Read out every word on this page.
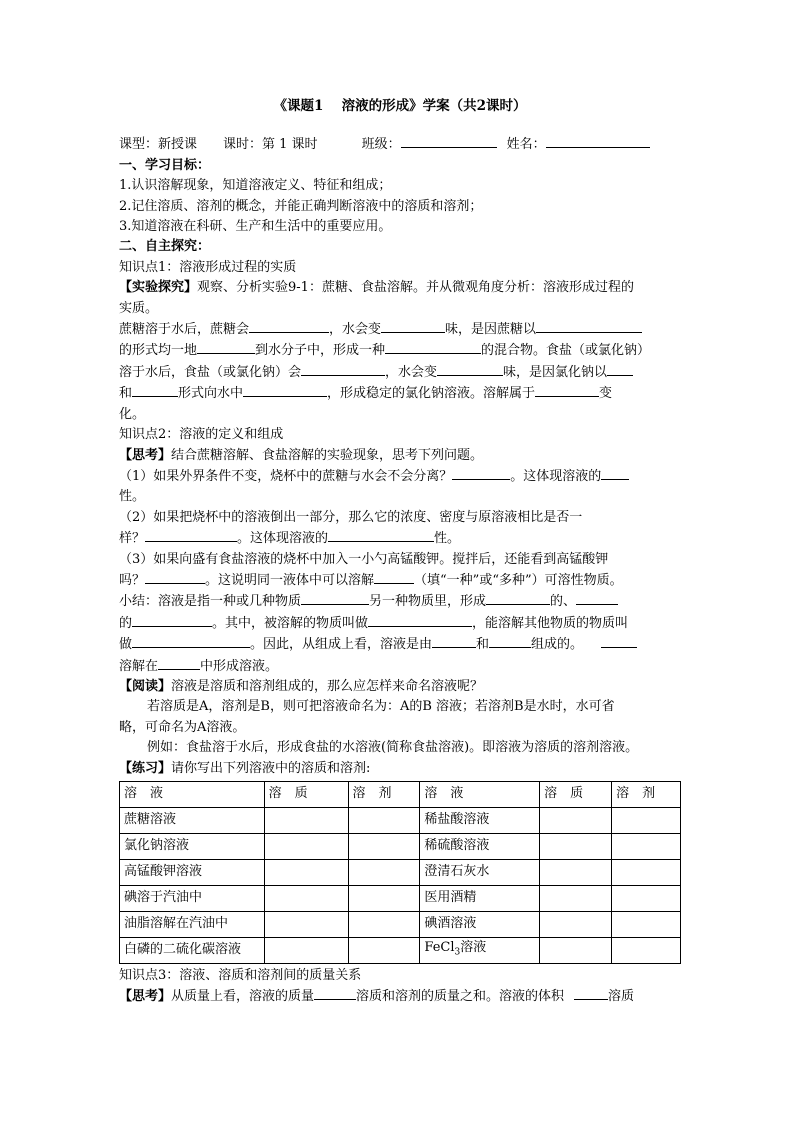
《课题1　 溶液的形成》学案（共2课时）
课型：新授课 课时：第 1 课时	班级：	姓名：
一、学习目标：
1.认识溶解现象，知道溶液定义、特征和组成；
2.记住溶质、溶剂的概念，并能正确判断溶液中的溶质和溶剂；
3.知道溶液在科研、生产和生活中的重要应用。
二、自主探究：
知识点1：溶液形成过程的实质
【实验探究】观察、分析实验9-1：蔗糖、食盐溶解。并从微观角度分析：溶液形成过程的
实质。
蔗糖溶于水后，蔗糖会	，水会变	味，是因蔗糖以
的形式均一地	到水分子中，形成一种	的混合物。食盐（或氯化钠）
溶于水后，食盐（或氯化钠）会	，水会变	味，是因氯化钠以
和	形式向水中	，形成稳定的氯化钠溶液。溶解属于	变
化。
知识点2：溶液的定义和组成
【思考】结合蔗糖溶解、食盐溶解的实验现象，思考下列问题。
（1）如果外界条件不变，烧杯中的蔗糖与水会不会分离？	。这体现溶液的
性。
（2）如果把烧杯中的溶液倒出一部分，那么它的浓度、密度与原溶液相比是否一
样？	。这体现溶液的	性。
（3）如果向盛有食盐溶液的烧杯中加入一小勺高锰酸钾。搅拌后，还能看到高锰酸钾
吗？	。这说明同一液体中可以溶解	（填“一种”或“多种”）可溶性物质。
小结：溶液是指一种或几种物质	另一种物质里，形成	的、
的	。其中，被溶解的物质叫做	，能溶解其他物质的物质叫
做	。因此，从组成上看，溶液是由	和	组成的。
溶解在	中形成溶液。
【阅读】溶液是溶质和溶剂组成的，那么应怎样来命名溶液呢？
若溶质是A，溶剂是B，则可把溶液命名为：A的B 溶液；若溶剂B是水时，水可省
略，可命名为A溶液。
例如：食盐溶于水后，形成食盐的水溶液(简称食盐溶液)。即溶液为溶质的溶剂溶液。
【练习】请你写出下列溶液中的溶质和溶剂:
溶　液	溶　质	溶　剂	溶　液	溶　质	溶　剂
蔗糖溶液			稀盐酸溶液		
氯化钠溶液			稀硫酸溶液		
高锰酸钾溶液			澄清石灰水		
碘溶于汽油中			医用酒精		
油脂溶解在汽油中			碘酒溶液		
白磷的二硫化碳溶液			FeCl$_3$溶液		
知识点3：溶液、溶质和溶剂间的质量关系
【思考】从质量上看，溶液的质量	溶质和溶剂的质量之和。溶液的体积	溶质
